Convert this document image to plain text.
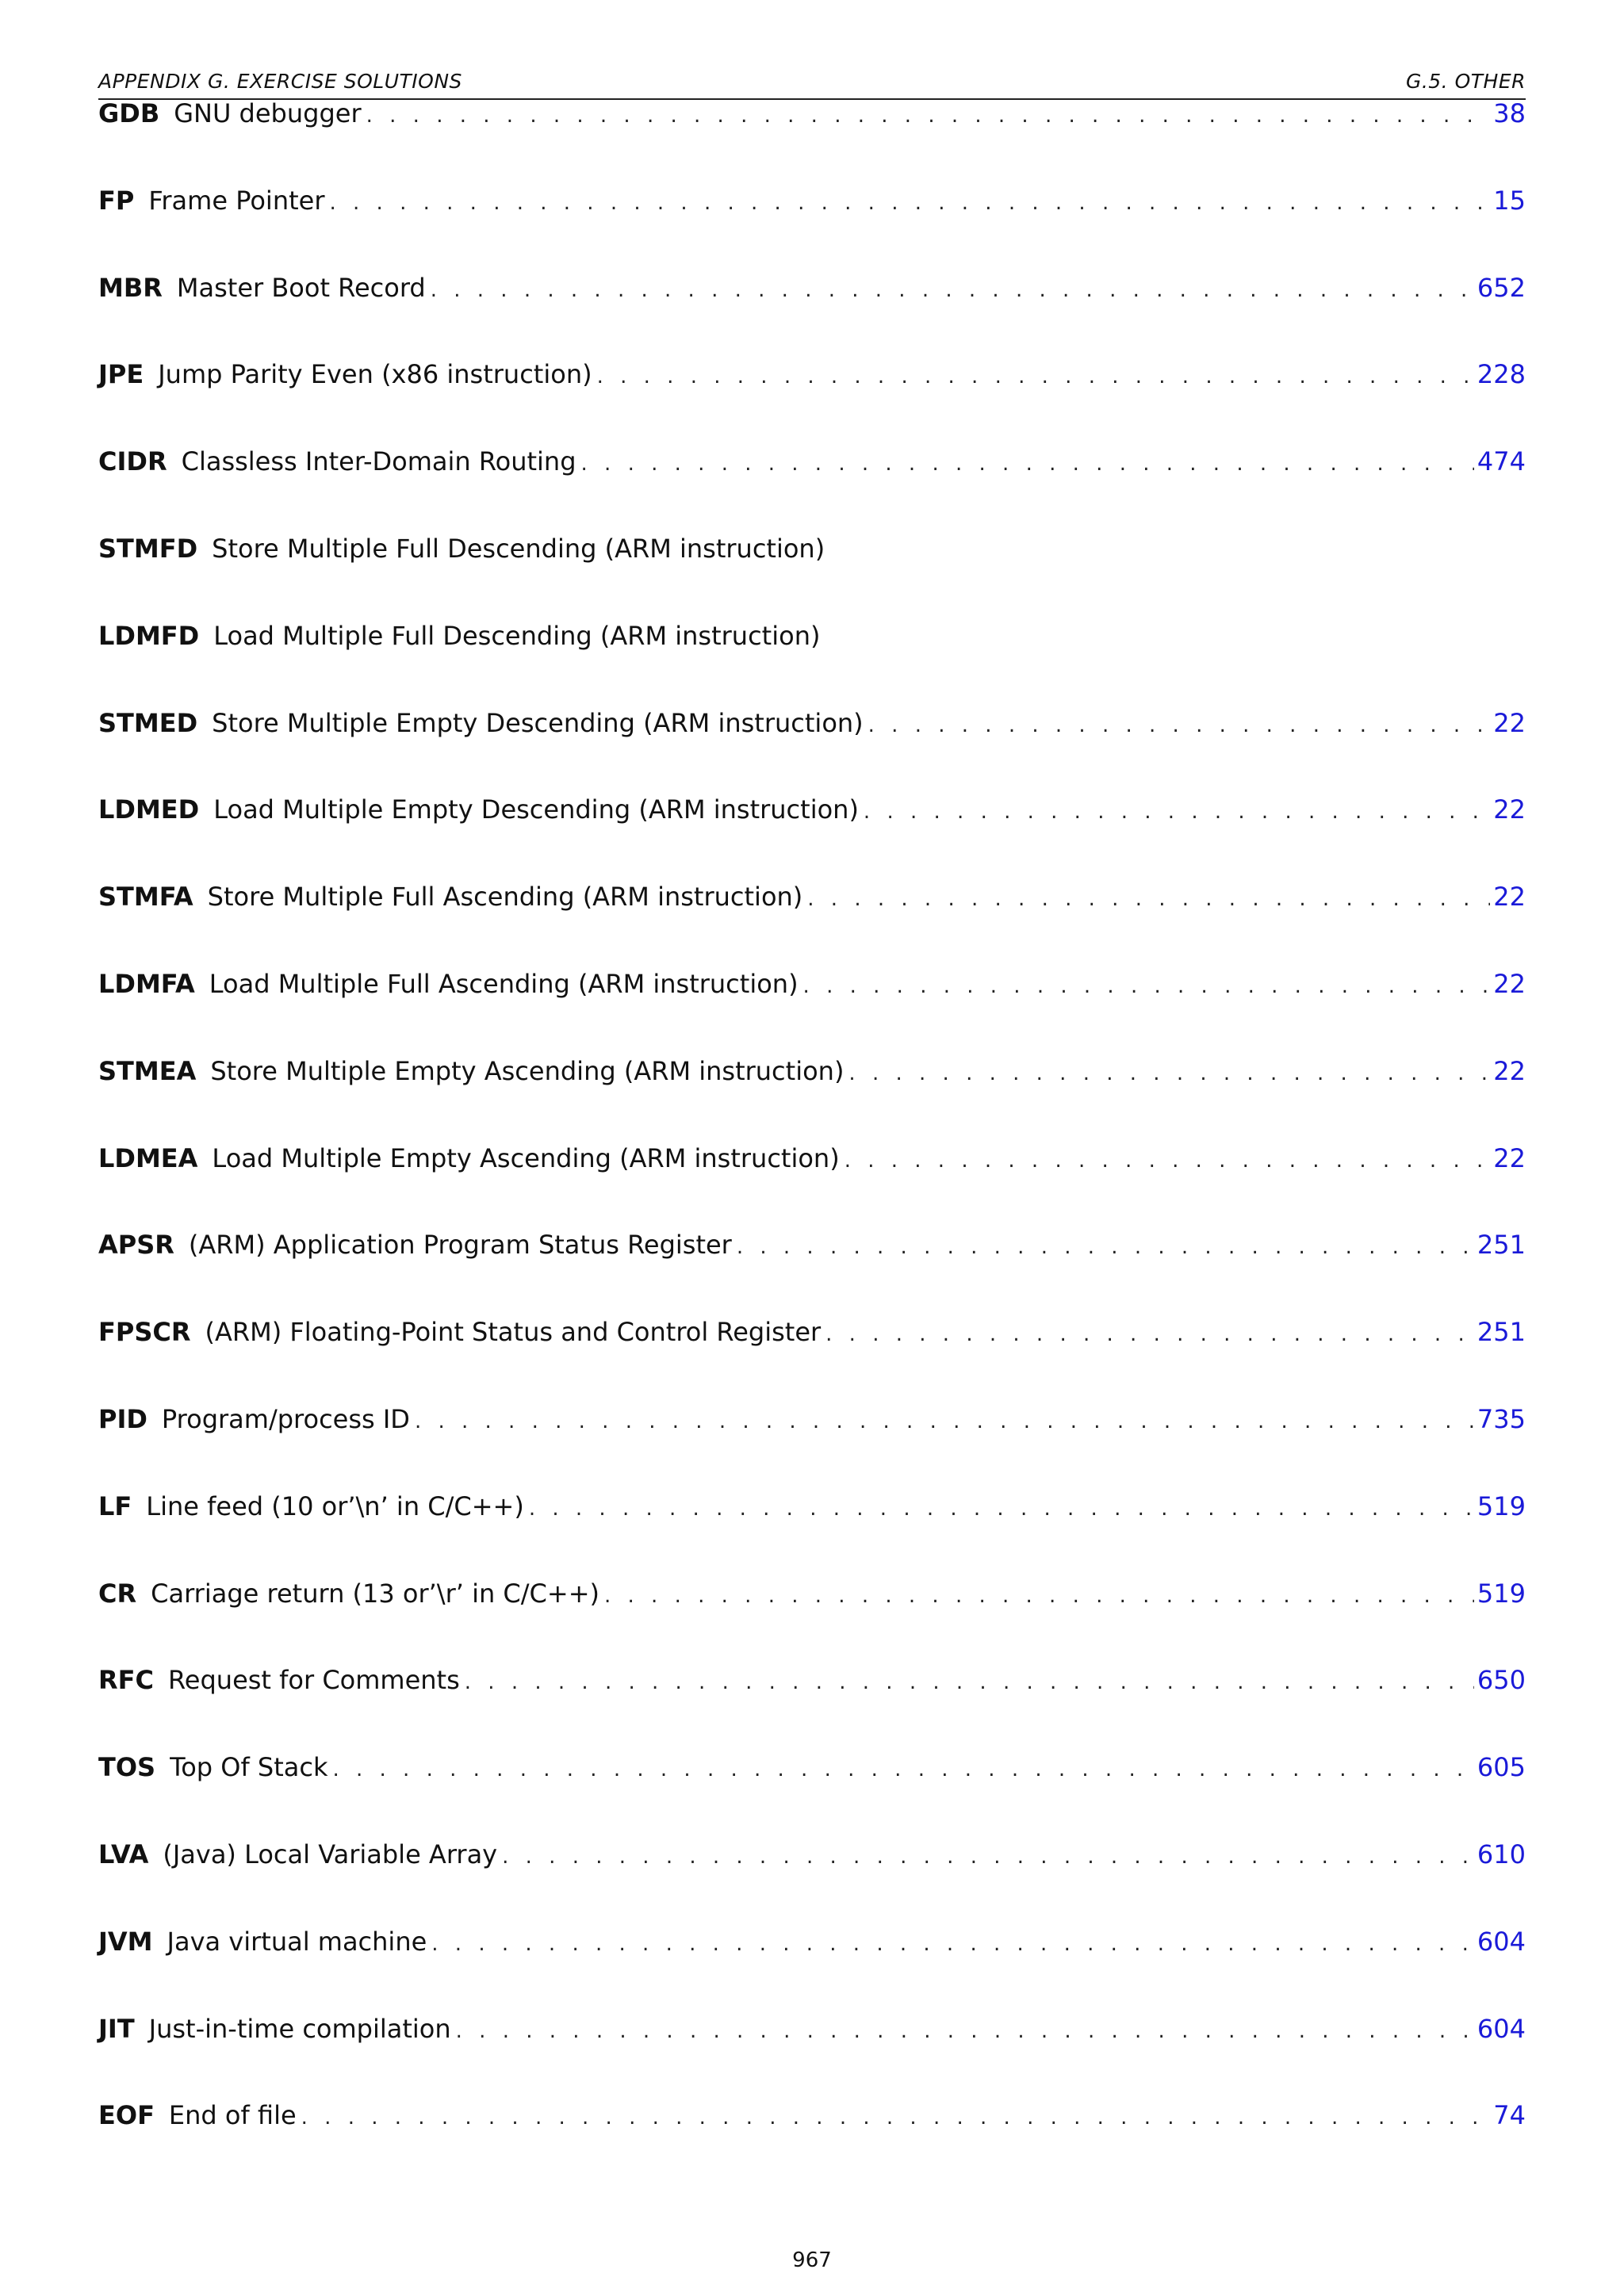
APPENDIX G. EXERCISE SOLUTIONS	G.5. OTHER
GDB GNU debugger . . .	38
FP Frame Pointer . . .	15
MBR Master Boot Record . . .	652
JPE Jump Parity Even (x86 instruction) . . .	228
CIDR Classless Inter-Domain Routing . . .	474
STMFD Store Multiple Full Descending (ARM instruction)
LDMFD Load Multiple Full Descending (ARM instruction)
STMED Store Multiple Empty Descending (ARM instruction) . . .	22
LDMED Load Multiple Empty Descending (ARM instruction) . . .	22
STMFA Store Multiple Full Ascending (ARM instruction) . . .	22
LDMFA Load Multiple Full Ascending (ARM instruction) . . .	22
STMEA Store Multiple Empty Ascending (ARM instruction) . . .	22
LDMEA Load Multiple Empty Ascending (ARM instruction) . . .	22
APSR (ARM) Application Program Status Register . . .	251
FPSCR (ARM) Floating-Point Status and Control Register . . .	251
PID Program/process ID . . .	735
LF Line feed (10 or’\n’ in C/C++) . . .	519
CR Carriage return (13 or’\r’ in C/C++) . . .	519
RFC Request for Comments . . .	650
TOS Top Of Stack . . .	605
LVA (Java) Local Variable Array . . .	610
JVM Java virtual machine . . .	604
JIT Just-in-time compilation . . .	604
EOF End of file . . .	74
967
